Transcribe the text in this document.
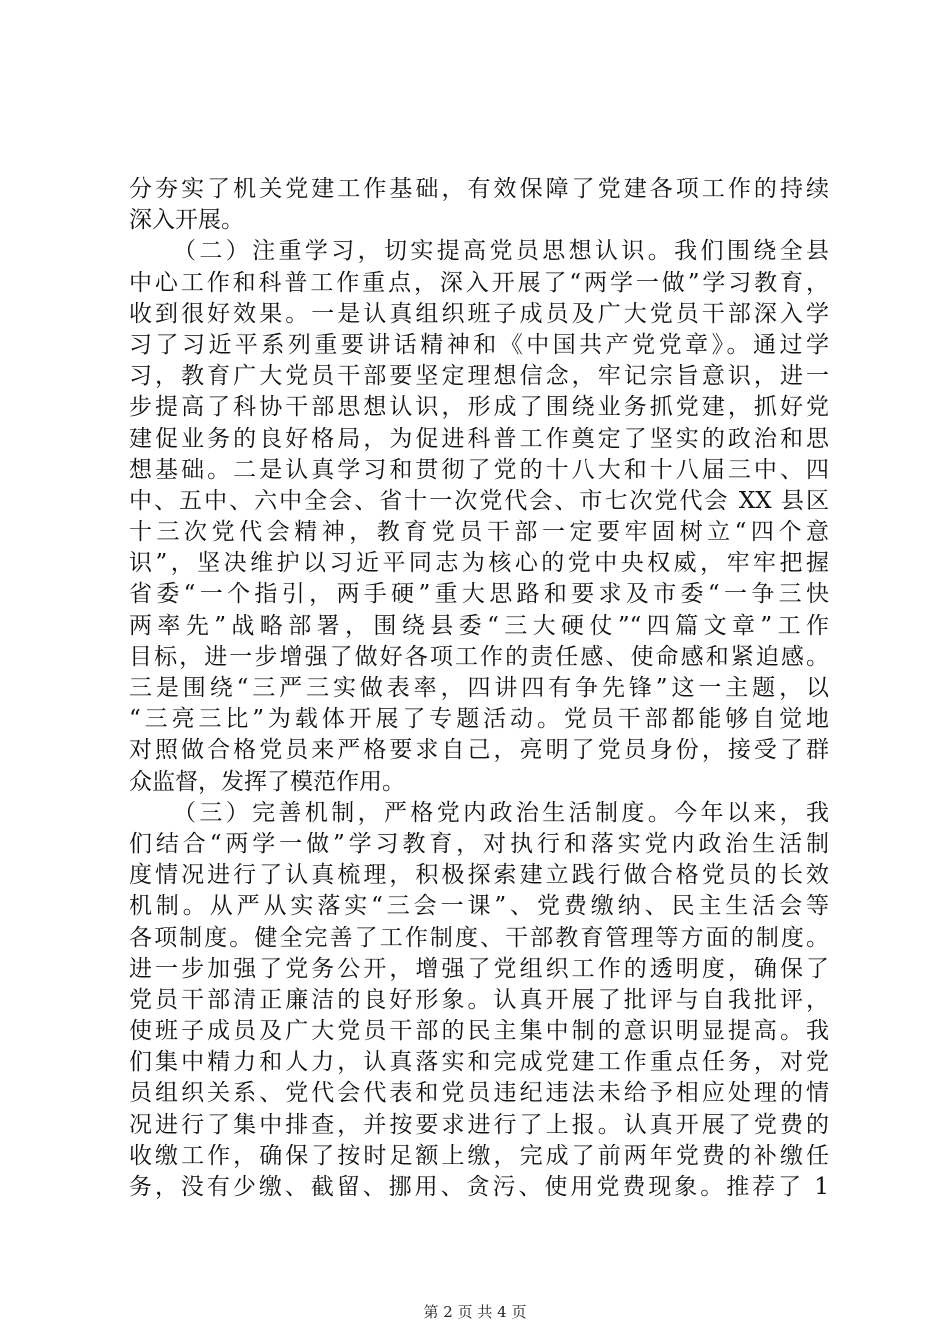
分夯实了机关党建工作基础，有效保障了党建各项工作的持续
深入开展。
（二）注重学习，切实提高党员思想认识。我们围绕全县
中心工作和科普工作重点，深入开展了“两学一做”学习教育，
收到很好效果。一是认真组织班子成员及广大党员干部深入学
习了习近平系列重要讲话精神和《中国共产党党章》。通过学
习，教育广大党员干部要坚定理想信念，牢记宗旨意识，进一
步提高了科协干部思想认识，形成了围绕业务抓党建，抓好党
建促业务的良好格局，为促进科普工作奠定了坚实的政治和思
想基础。二是认真学习和贯彻了党的十八大和十八届三中、四
中、五中、六中全会、省十一次党代会、市七次党代会 XX 县区
十三次党代会精神，教育党员干部一定要牢固树立“四个意
识”，坚决维护以习近平同志为核心的党中央权威，牢牢把握
省委“一个指引，两手硬”重大思路和要求及市委“一争三快
两率先”战略部署，围绕县委“三大硬仗”“四篇文章”工作
目标，进一步增强了做好各项工作的责任感、使命感和紧迫感。
三是围绕“三严三实做表率，四讲四有争先锋”这一主题，以
“三亮三比”为载体开展了专题活动。党员干部都能够自觉地
对照做合格党员来严格要求自己，亮明了党员身份，接受了群
众监督，发挥了模范作用。
（三）完善机制，严格党内政治生活制度。今年以来，我
们结合“两学一做”学习教育，对执行和落实党内政治生活制
度情况进行了认真梳理，积极探索建立践行做合格党员的长效
机制。从严从实落实“三会一课”、党费缴纳、民主生活会等
各项制度。健全完善了工作制度、干部教育管理等方面的制度。
进一步加强了党务公开，增强了党组织工作的透明度，确保了
党员干部清正廉洁的良好形象。认真开展了批评与自我批评，
使班子成员及广大党员干部的民主集中制的意识明显提高。我
们集中精力和人力，认真落实和完成党建工作重点任务，对党
员组织关系、党代会代表和党员违纪违法未给予相应处理的情
况进行了集中排查，并按要求进行了上报。认真开展了党费的
收缴工作，确保了按时足额上缴，完成了前两年党费的补缴任
务，没有少缴、截留、挪用、贪污、使用党费现象。推荐了 1
第 2 页 共 4 页
